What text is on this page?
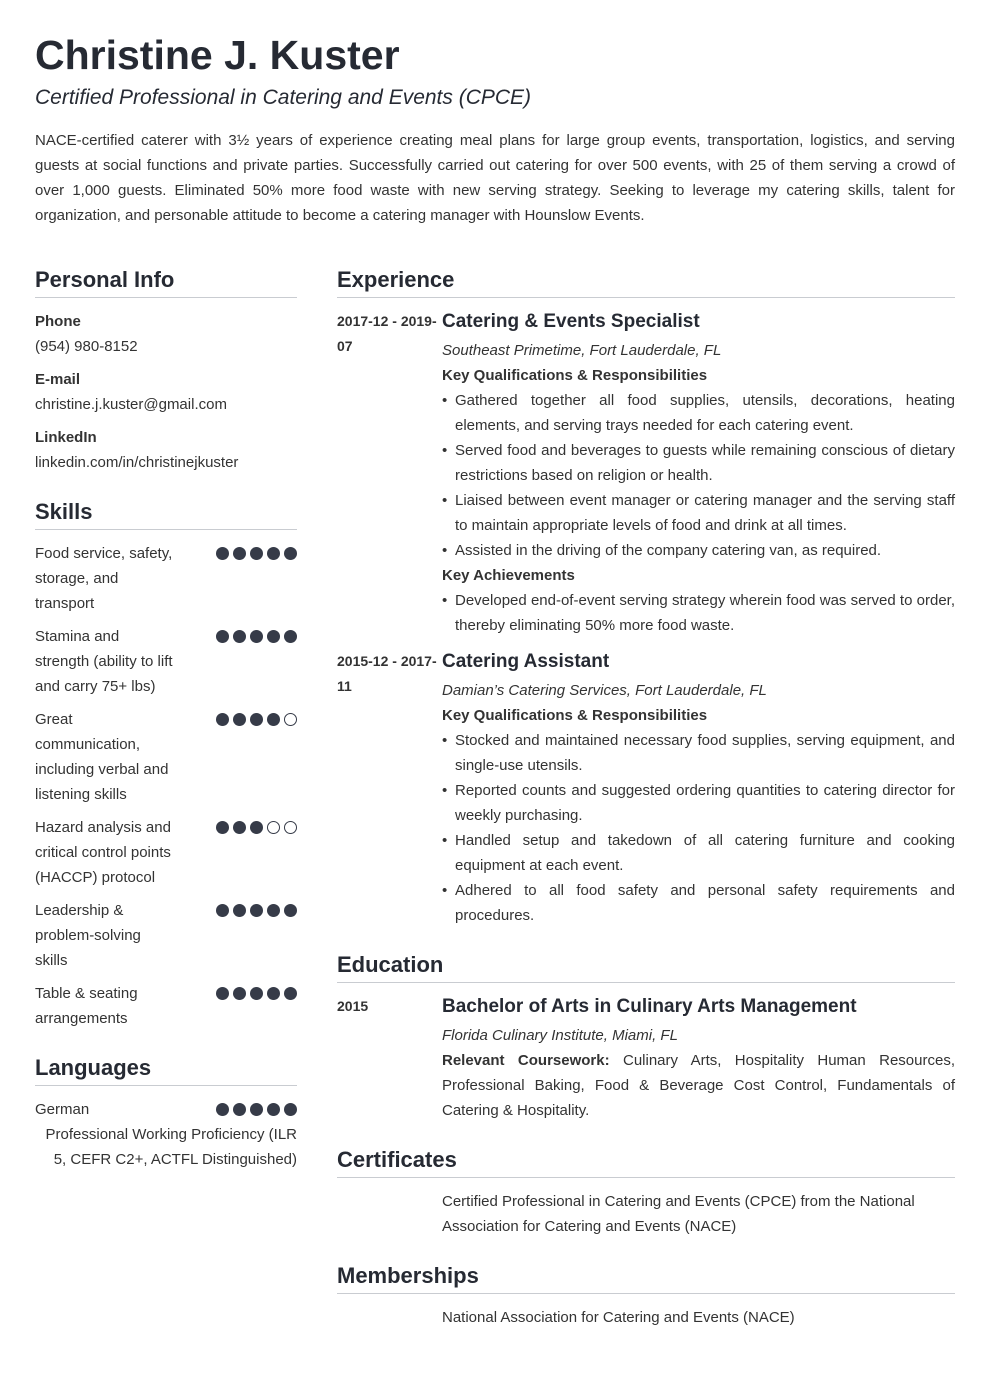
Christine J. Kuster
Certified Professional in Catering and Events (CPCE)
NACE-certified caterer with 3½ years of experience creating meal plans for large group events, transportation, logistics, and serving guests at social functions and private parties. Successfully carried out catering for over 500 events, with 25 of them serving a crowd of over 1,000 guests. Eliminated 50% more food waste with new serving strategy. Seeking to leverage my catering skills, talent for organization, and personable attitude to become a catering manager with Hounslow Events.
Personal Info
Phone
(954) 980-8152
E-mail
christine.j.kuster@gmail.com
LinkedIn
linkedin.com/in/christinejkuster
Skills
Food service, safety, storage, and transport
Stamina and strength (ability to lift and carry 75+ lbs)
Great communication, including verbal and listening skills
Hazard analysis and critical control points (HACCP) protocol
Leadership & problem-solving skills
Table & seating arrangements
Languages
German
Professional Working Proficiency (ILR 5, CEFR C2+, ACTFL Distinguished)
Experience
2017-12 - 2019-07
Catering & Events Specialist
Southeast Primetime, Fort Lauderdale, FL
Key Qualifications & Responsibilities
• Gathered together all food supplies, utensils, decorations, heating elements, and serving trays needed for each catering event.
• Served food and beverages to guests while remaining conscious of dietary restrictions based on religion or health.
• Liaised between event manager or catering manager and the serving staff to maintain appropriate levels of food and drink at all times.
• Assisted in the driving of the company catering van, as required.
Key Achievements
• Developed end-of-event serving strategy wherein food was served to order, thereby eliminating 50% more food waste.
2015-12 - 2017-11
Catering Assistant
Damian’s Catering Services, Fort Lauderdale, FL
Key Qualifications & Responsibilities
• Stocked and maintained necessary food supplies, serving equipment, and single-use utensils.
• Reported counts and suggested ordering quantities to catering director for weekly purchasing.
• Handled setup and takedown of all catering furniture and cooking equipment at each event.
• Adhered to all food safety and personal safety requirements and procedures.
Education
2015	Bachelor of Arts in Culinary Arts Management
Florida Culinary Institute, Miami, FL
Relevant Coursework: Culinary Arts, Hospitality Human Resources, Professional Baking, Food & Beverage Cost Control, Fundamentals of Catering & Hospitality.
Certificates
Certified Professional in Catering and Events (CPCE) from the National Association for Catering and Events (NACE)
Memberships
National Association for Catering and Events (NACE)
